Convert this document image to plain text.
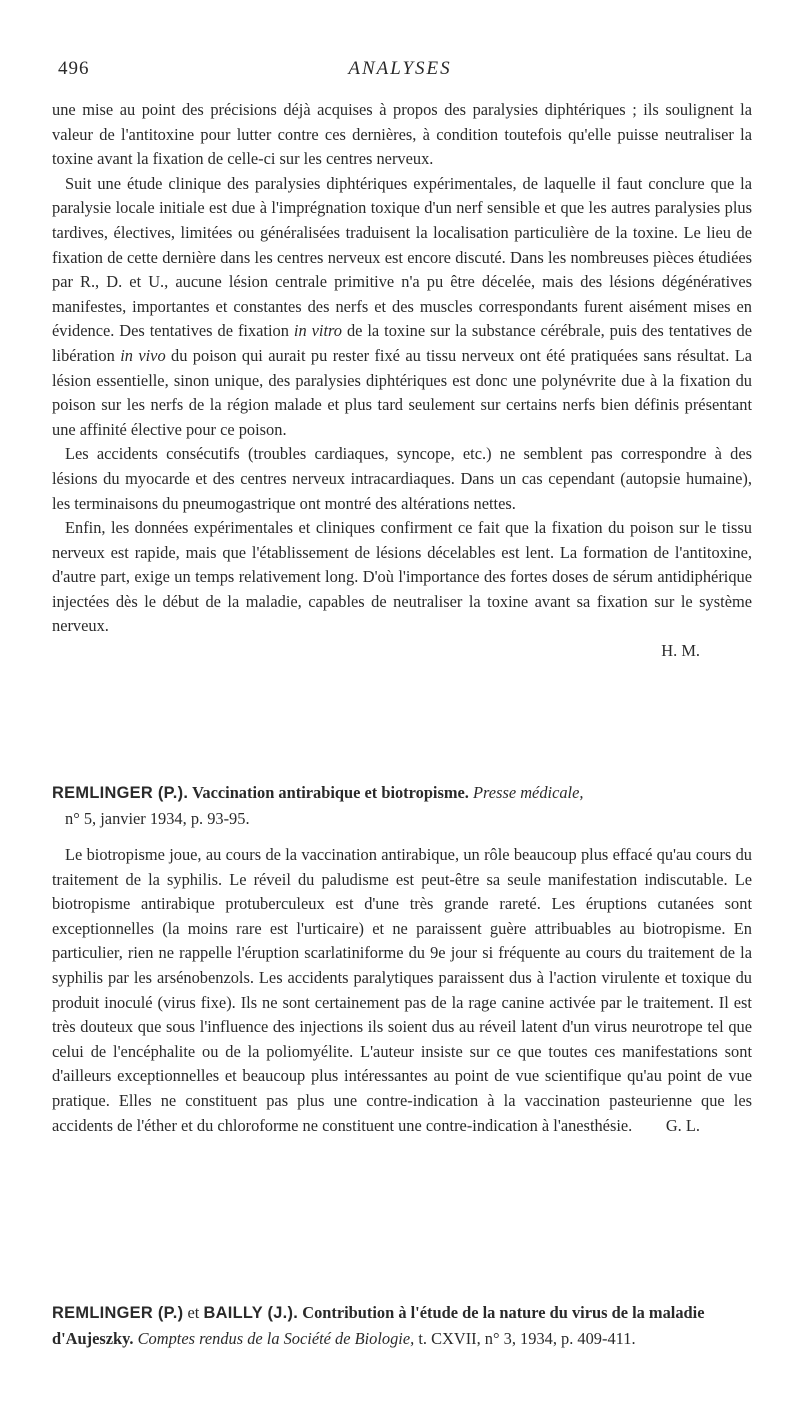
496	ANALYSES

une mise au point des précisions déjà acquises à propos des paralysies diphtériques ; ils soulignent la valeur de l'antitoxine pour lutter contre ces dernières, à condition toutefois qu'elle puisse neutraliser la toxine avant la fixation de celle-ci sur les centres nerveux.

Suit une étude clinique des paralysies diphtériques expérimentales, de laquelle il faut conclure que la paralysie locale initiale est due à l'imprégnation toxique d'un nerf sensible et que les autres paralysies plus tardives, électives, limitées ou généralisées traduisent la localisation particulière de la toxine. Le lieu de fixation de cette dernière dans les centres nerveux est encore discuté. Dans les nombreuses pièces étudiées par R., D. et U., aucune lésion centrale primitive n'a pu être décelée, mais des lésions dégénératives manifestes, importantes et constantes des nerfs et des muscles correspondants furent aisément mises en évidence. Des tentatives de fixation in vitro de la toxine sur la substance cérébrale, puis des tentatives de libération in vivo du poison qui aurait pu rester fixé au tissu nerveux ont été pratiquées sans résultat. La lésion essentielle, sinon unique, des paralysies diphtériques est donc une polynévrite due à la fixation du poison sur les nerfs de la région malade et plus tard seulement sur certains nerfs bien définis présentant une affinité élective pour ce poison.

Les accidents consécutifs (troubles cardiaques, syncope, etc.) ne semblent pas correspondre à des lésions du myocarde et des centres nerveux intracardiaques. Dans un cas cependant (autopsie humaine), les terminaisons du pneumogastrique ont montré des altérations nettes.

Enfin, les données expérimentales et cliniques confirment ce fait que la fixation du poison sur le tissu nerveux est rapide, mais que l'établissement de lésions décelables est lent. La formation de l'antitoxine, d'autre part, exige un temps relativement long. D'où l'importance des fortes doses de sérum antidiphérique injectées dès le début de la maladie, capables de neutraliser la toxine avant sa fixation sur le système nerveux.

H. M.
REMLINGER (P.). Vaccination antirabique et biotropisme. Presse médicale,
n° 5, janvier 1934, p. 93-95.

Le biotropisme joue, au cours de la vaccination antirabique, un rôle beaucoup plus effacé qu'au cours du traitement de la syphilis. Le réveil du paludisme est peut-être sa seule manifestation indiscutable. Le biotropisme antirabique protuberculeux est d'une très grande rareté. Les éruptions cutanées sont exceptionnelles (la moins rare est l'urticaire) et ne paraissent guère attribuables au biotropisme. En particulier, rien ne rappelle l'éruption scarlatiniforme du 9e jour si fréquente au cours du traitement de la syphilis par les arsénobenzols. Les accidents paralytiques paraissent dus à l'action virulente et toxique du produit inoculé (virus fixe). Ils ne sont certainement pas de la rage canine activée par le traitement. Il est très douteux que sous l'influence des injections ils soient dus au réveil latent d'un virus neurotrope tel que celui de l'encéphalite ou de la poliomyélite. L'auteur insiste sur ce que toutes ces manifestations sont d'ailleurs exceptionnelles et beaucoup plus intéressantes au point de vue scientifique qu'au point de vue pratique. Elles ne constituent pas plus une contre-indication à la vaccination pasteurienne que les accidents de l'éther et du chloroforme ne constituent une contre-indication à l'anesthésie.	G. L.

REMLINGER (P.) et BAILLY (J.). Contribution à l'étude de la nature du virus de la maladie d'Aujeszky. Comptes rendus de la Société de Biologie, t. CXVII, n° 3, 1934, p. 409-411.
